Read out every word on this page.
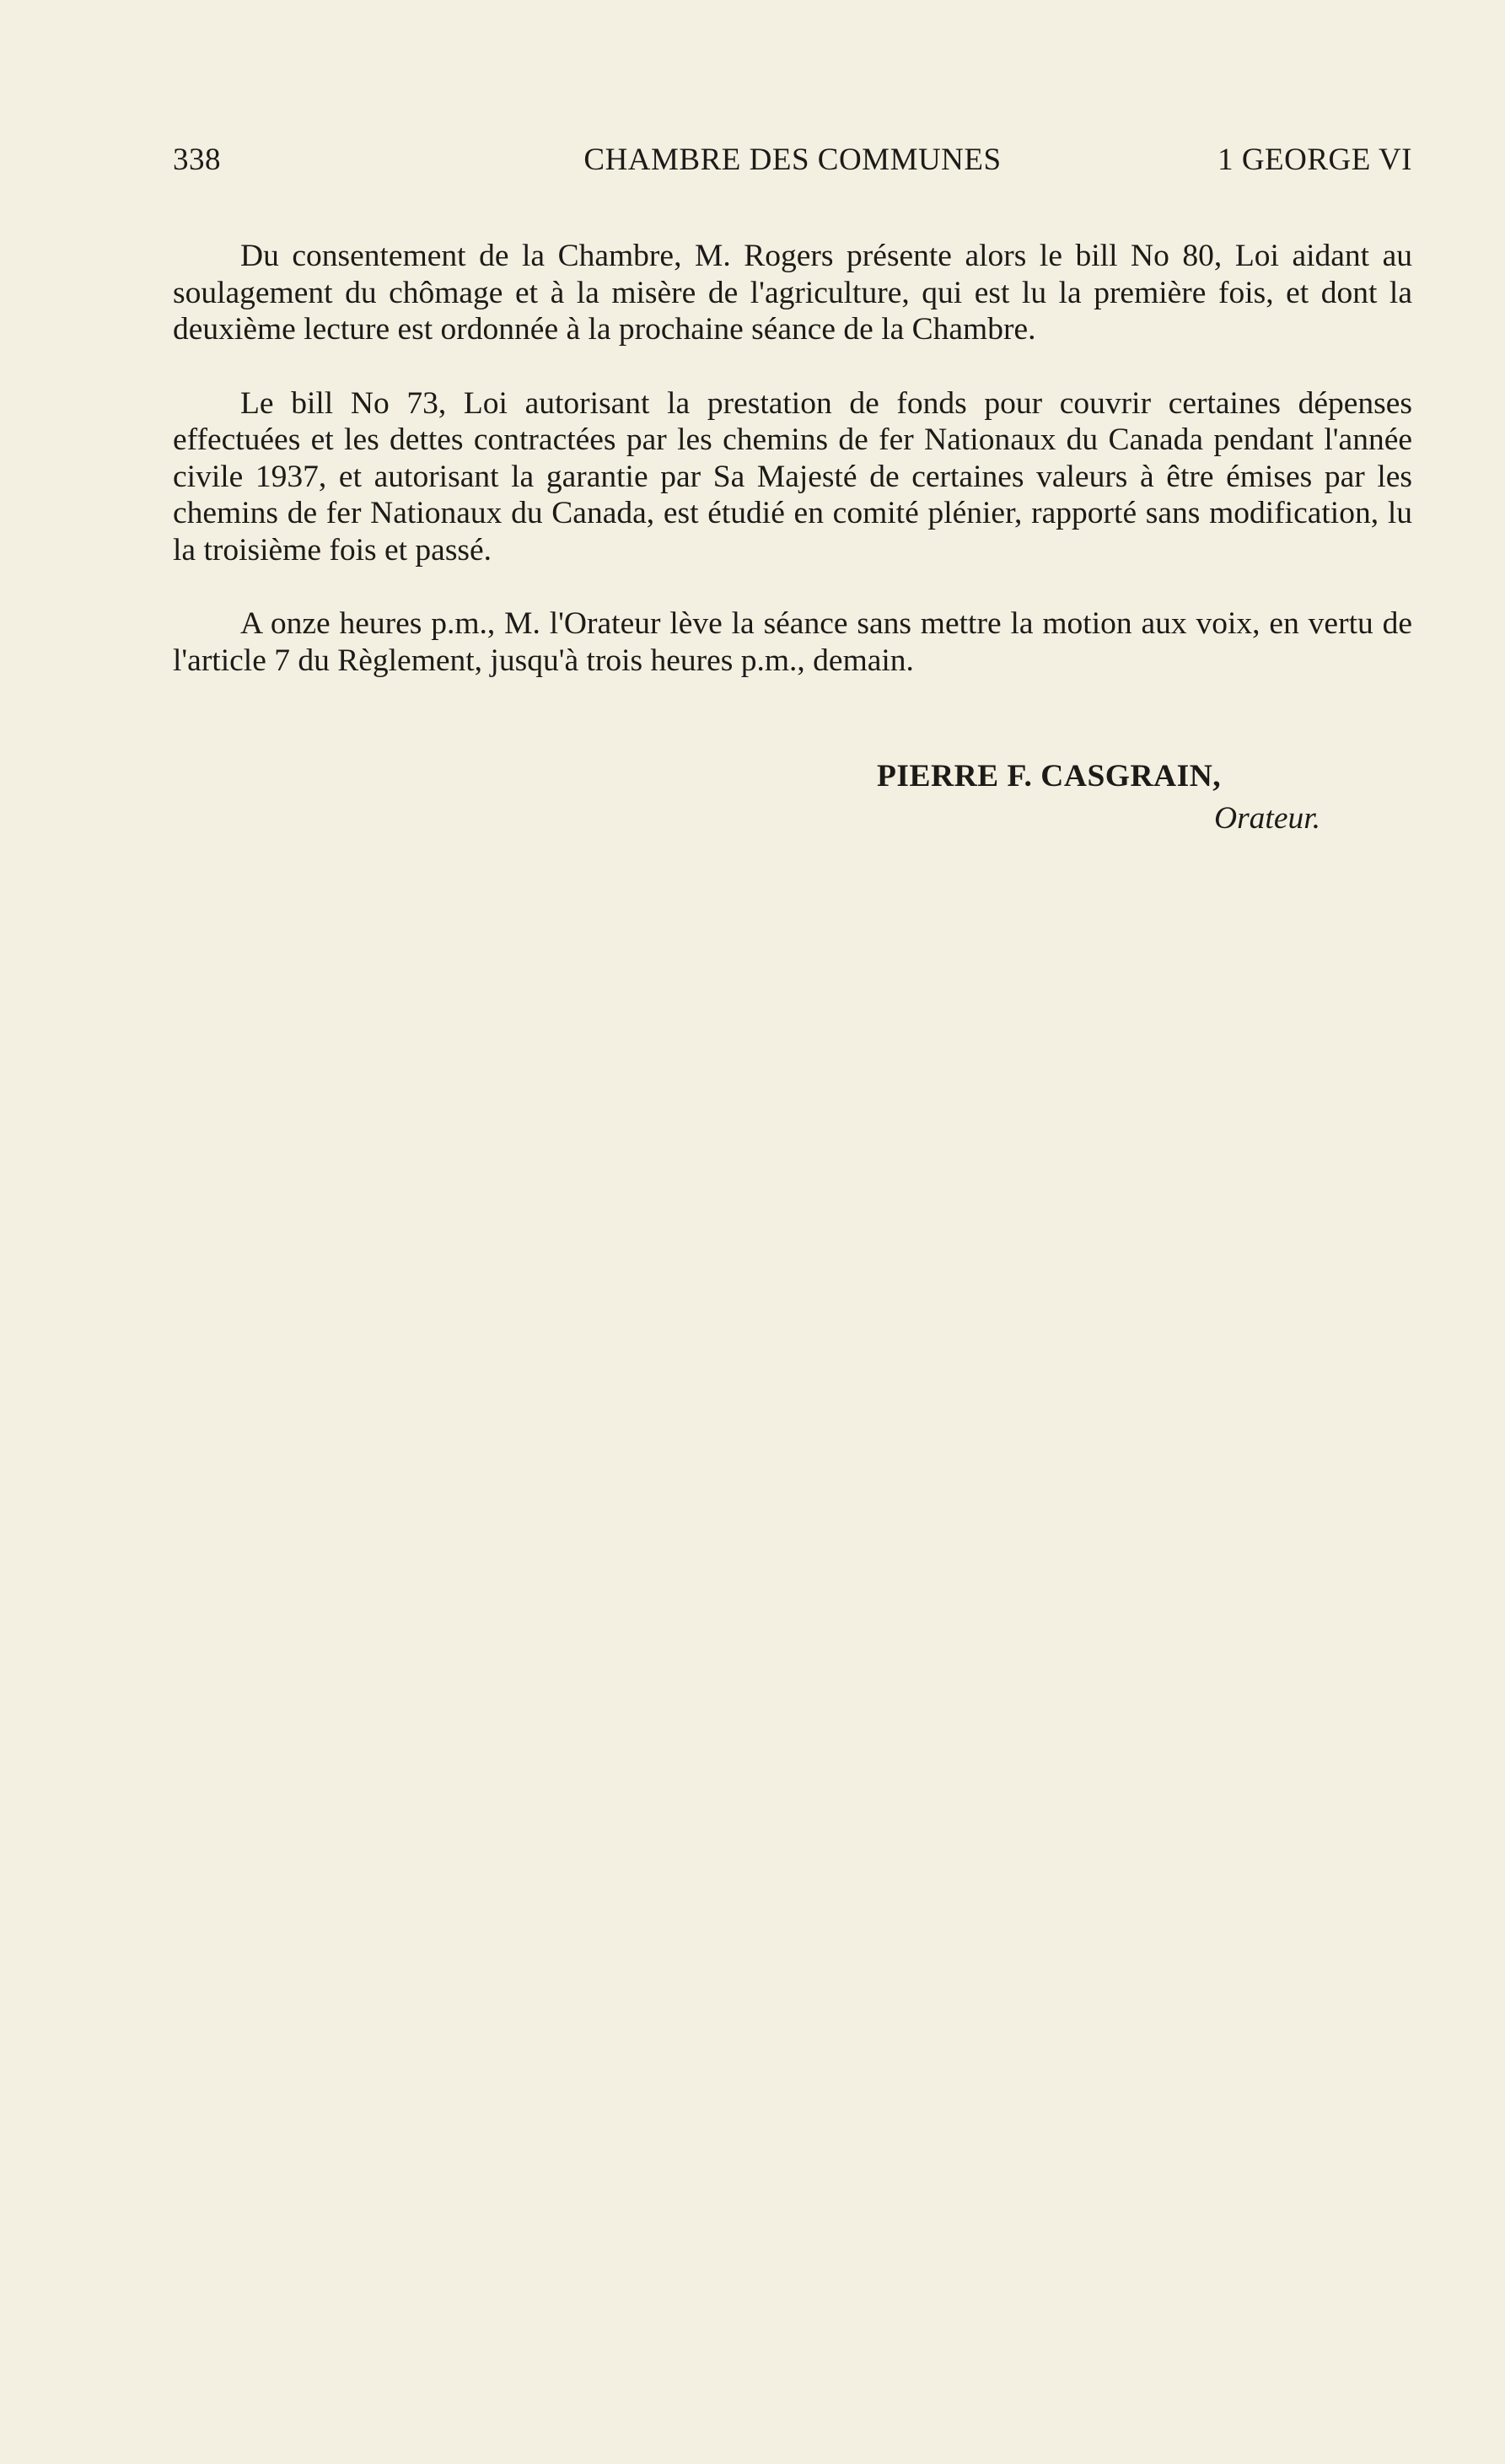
338	CHAMBRE DES COMMUNES	1 GEORGE VI

Du consentement de la Chambre, M. Rogers présente alors le bill No 80, Loi aidant au soulagement du chômage et à la misère de l'agriculture, qui est lu la première fois, et dont la deuxième lecture est ordonnée à la prochaine séance de la Chambre.

Le bill No 73, Loi autorisant la prestation de fonds pour couvrir certaines dépenses effectuées et les dettes contractées par les chemins de fer Nationaux du Canada pendant l'année civile 1937, et autorisant la garantie par Sa Majesté de certaines valeurs à être émises par les chemins de fer Nationaux du Canada, est étudié en comité plénier, rapporté sans modification, lu la troisième fois et passé.

A onze heures p.m., M. l'Orateur lève la séance sans mettre la motion aux voix, en vertu de l'article 7 du Règlement, jusqu'à trois heures p.m., demain.

PIERRE F. CASGRAIN,
Orateur.
